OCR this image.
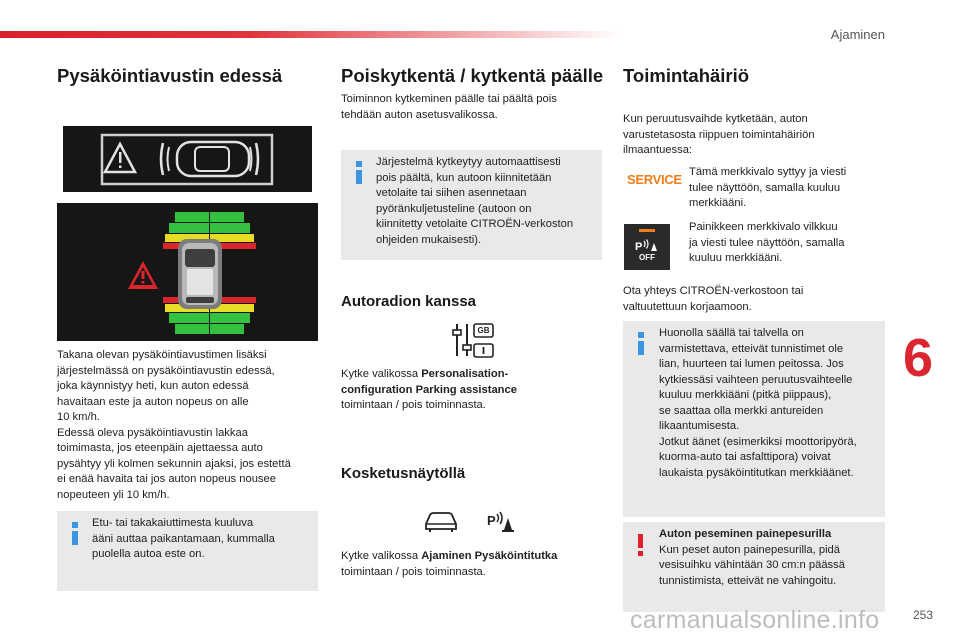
Ajaminen
Pysäköintiavustin edessä
Takana olevan pysäköintiavustimen lisäksi
järjestelmässä on pysäköintiavustin edessä,
joka käynnistyy heti, kun auton edessä
havaitaan este ja auton nopeus on alle
10 km/h.
Edessä oleva pysäköintiavustin lakkaa
toimimasta, jos eteenpäin ajettaessa auto
pysähtyy yli kolmen sekunnin ajaksi, jos estettä
ei enää havaita tai jos auton nopeus nousee
nopeuteen yli 10 km/h.
Etu- tai takakaiuttimesta kuuluva
ääni auttaa paikantamaan, kummalla
puolella autoa este on.
Poiskytkentä / kytkentä päälle
Toiminnon kytkeminen päälle tai päältä pois
tehdään auton asetusvalikossa.
Järjestelmä kytkeytyy automaattisesti
pois päältä, kun autoon kiinnitetään
vetolaite tai siihen asennetaan
pyöränkuljetusteline (autoon on
kiinnitetty vetolaite CITROËN-verkoston
ohjeiden mukaisesti).
Autoradion kanssa
GB
Kytke valikossa Personalisation-
configuration Parking assistance
toimintaan / pois toiminnasta.
Kosketusnäytöllä
P
Kytke valikossa Ajaminen Pysäköintitutka
toimintaan / pois toiminnasta.
Toimintahäiriö
Kun peruutusvaihde kytketään, auton
varustetasosta riippuen toimintahäiriön
ilmaantuessa:
SERVICE Tämä merkkivalo syttyy ja viesti
tulee näyttöön, samalla kuuluu
merkkiääni.
P
OFF
Painikkeen merkkivalo vilkkuu
ja viesti tulee näyttöön, samalla
kuuluu merkkiääni.
Ota yhteys CITROËN-verkostoon tai
valtuutettuun korjaamoon.
Huonolla säällä tai talvella on
varmistettava, etteivät tunnistimet ole
lian, huurteen tai lumen peitossa. Jos
kytkiessäsi vaihteen peruutusvaihteelle
kuuluu merkkiääni (pitkä piippaus),
se saattaa olla merkki antureiden
likaantumisesta.
Jotkut äänet (esimerkiksi moottoripyörä,
kuorma-auto tai asfalttipora) voivat
laukaista pysäköintitutkan merkkiäänet.
Auton peseminen painepesurilla
Kun peset auton painepesurilla, pidä
vesisuihku vähintään 30 cm:n päässä
tunnistimista, etteivät ne vahingoitu.
6
carmanualsonline.info	253
